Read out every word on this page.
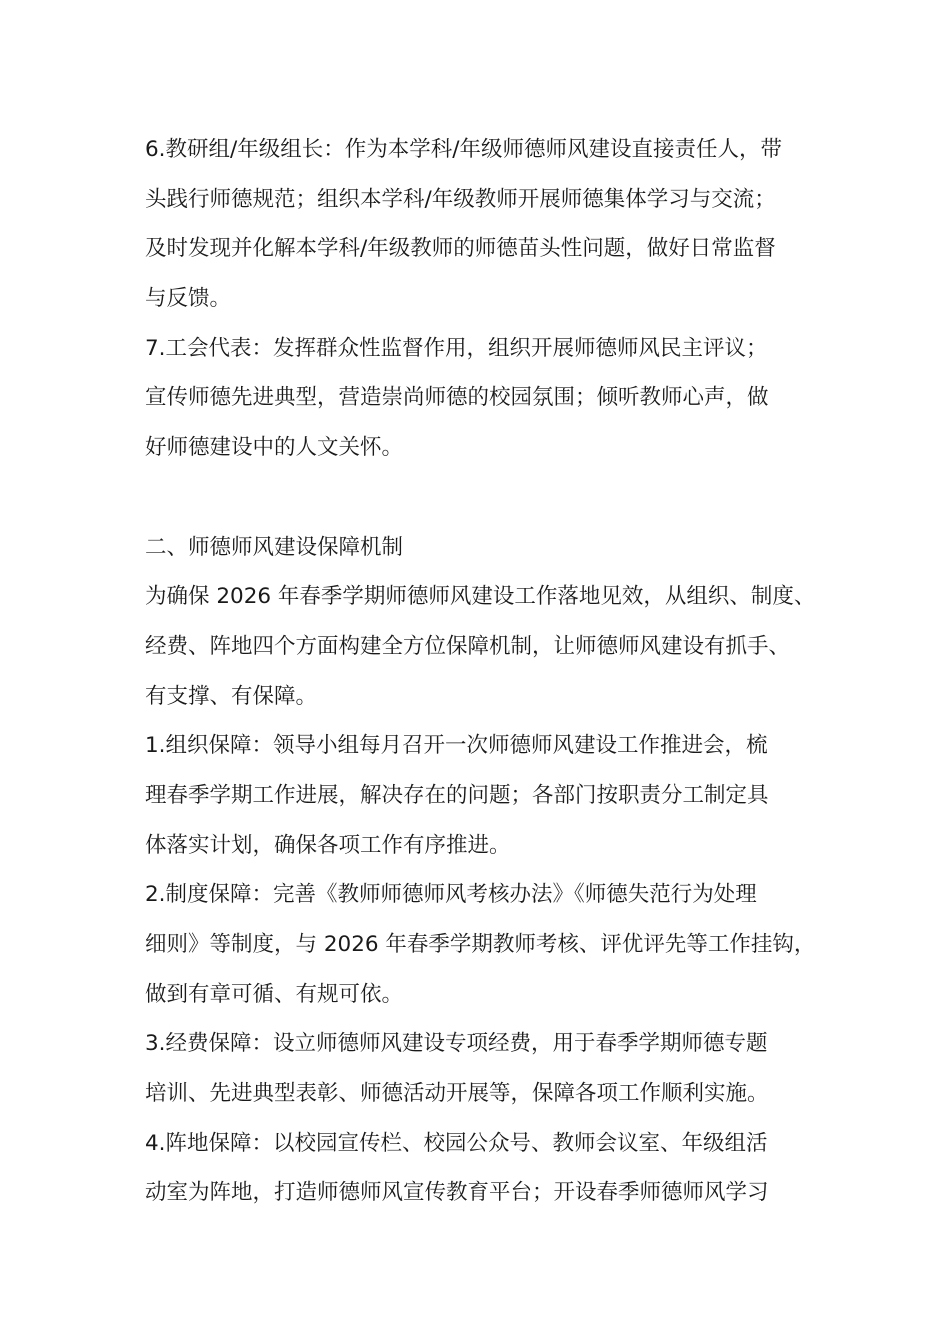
6.教研组/年级组长：作为本学科/年级师德师风建设直接责任人，带
头践行师德规范；组织本学科/年级教师开展师德集体学习与交流；
及时发现并化解本学科/年级教师的师德苗头性问题，做好日常监督
与反馈。
7.工会代表：发挥群众性监督作用，组织开展师德师风民主评议；
宣传师德先进典型，营造崇尚师德的校园氛围；倾听教师心声，做
好师德建设中的人文关怀。
二、师德师风建设保障机制
为确保 2026 年春季学期师德师风建设工作落地见效，从组织、制度、
经费、阵地四个方面构建全方位保障机制，让师德师风建设有抓手、
有支撑、有保障。
1.组织保障：领导小组每月召开一次师德师风建设工作推进会，梳
理春季学期工作进展，解决存在的问题；各部门按职责分工制定具
体落实计划，确保各项工作有序推进。
2.制度保障：完善《教师师德师风考核办法》《师德失范行为处理
细则》等制度，与 2026 年春季学期教师考核、评优评先等工作挂钩，
做到有章可循、有规可依。
3.经费保障：设立师德师风建设专项经费，用于春季学期师德专题
培训、先进典型表彰、师德活动开展等，保障各项工作顺利实施。
4.阵地保障：以校园宣传栏、校园公众号、教师会议室、年级组活
动室为阵地，打造师德师风宣传教育平台；开设春季师德师风学习
